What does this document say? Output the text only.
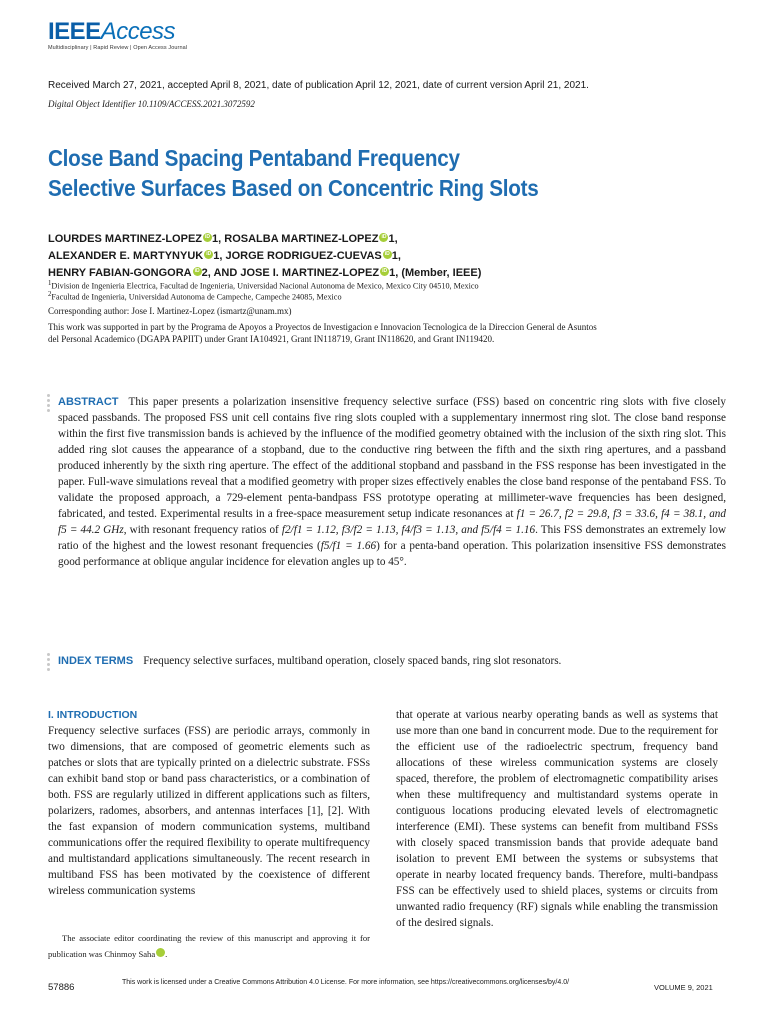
IEEEAccess
Multidisciplinary | Rapid Review | Open Access Journal
Received March 27, 2021, accepted April 8, 2021, date of publication April 12, 2021, date of current version April 21, 2021.
Digital Object Identifier 10.1109/ACCESS.2021.3072592
Close Band Spacing Pentaband Frequency
Selective Surfaces Based on Concentric Ring Slots
LOURDES MARTINEZ-LOPEZ iD 1, ROSALBA MARTINEZ-LOPEZ iD 1,
ALEXANDER E. MARTYNYUK iD 1, JORGE RODRIGUEZ-CUEVAS iD 1,
HENRY FABIAN-GONGORA iD 2, AND JOSE I. MARTINEZ-LOPEZ iD 1, (Member, IEEE)
$^1$Division de Ingenieria Electrica, Facultad de Ingenieria, Universidad Nacional Autonoma de Mexico, Mexico City 04510, Mexico
$^2$Facultad de Ingenieria, Universidad Autonoma de Campeche, Campeche 24085, Mexico
Corresponding author: Jose I. Martinez-Lopez (ismartz@unam.mx)
This work was supported in part by the Programa de Apoyos a Proyectos de Investigacion e Innovacion Tecnologica de la Direccion General de Asuntos del Personal Academico (DGAPA PAPIIT) under Grant IA104921, Grant IN118719, Grant IN118620, and Grant IN119420.

ABSTRACT This paper presents a polarization insensitive frequency selective surface (FSS) based on concentric ring slots with five closely spaced passbands. The proposed FSS unit cell contains five ring slots coupled with a supplementary innermost ring slot. The close band response within the first five transmission bands is achieved by the influence of the modified geometry obtained with the inclusion of the sixth ring slot. This added ring slot causes the appearance of a stopband, due to the conductive ring between the fifth and the sixth ring apertures, and a passband produced inherently by the sixth ring aperture. The effect of the additional stopband and passband in the FSS response has been investigated in the paper. Full-wave simulations reveal that a modified geometry with proper sizes effectively enables the close band response of the pentaband FSS. To validate the proposed approach, a 729-element penta-bandpass FSS prototype operating at millimeter-wave frequencies has been designed, fabricated, and tested. Experimental results in a free-space measurement setup indicate resonances at f1 = 26.7, f2 = 29.8, f3 = 33.6, f4 = 38.1, and f5 = 44.2 GHz, with resonant frequency ratios of f2/f1 = 1.12, f3/f2 = 1.13, f4/f3 = 1.13, and f5/f4 = 1.16. This FSS demonstrates an extremely low ratio of the highest and the lowest resonant frequencies (f5/f1 = 1.66) for a penta-band operation. This polarization insensitive FSS demonstrates good performance at oblique angular incidence for elevation angles up to 45°.

INDEX TERMS Frequency selective surfaces, multiband operation, closely spaced bands, ring slot resonators.

I. INTRODUCTION

Frequency selective surfaces (FSS) are periodic arrays, commonly in two dimensions, that are composed of geometric elements such as patches or slots that are typically printed on a dielectric substrate. FSSs can exhibit band stop or band pass characteristics, or a combination of both. FSS are regularly utilized in different applications such as filters, polarizers, radomes, absorbers, and antennas interfaces [1], [2]. With the fast expansion of modern communication systems, multiband communications offer the required flexibility to operate multifrequency and multistandard applications simultaneously. The recent research in multiband FSS has been motivated by the coexistence of different wireless communication systems

that operate at various nearby operating bands as well as systems that use more than one band in concurrent mode. Due to the requirement for the efficient use of the radioelectric spectrum, frequency band allocations of these wireless communication systems are closely spaced, therefore, the problem of electromagnetic compatibility arises when these multifrequency and multistandard systems operate in contiguous locations producing elevated levels of electromagnetic interference (EMI). These systems can benefit from multiband FSSs with closely spaced transmission bands that provide adequate band isolation to prevent EMI between the systems or subsystems that operate in nearby located frequency bands. Therefore, multi-bandpass FSS can be effectively used to shield places, systems or circuits from unwanted radio frequency (RF) signals while enabling the transmission of the desired signals.

The associate editor coordinating the review of this manuscript and approving it for publication was Chinmoy Saha	iD.

57886	This work is licensed under a Creative Commons Attribution 4.0 License. For more information, see https://creativecommons.org/licenses/by/4.0/
VOLUME 9, 2021
